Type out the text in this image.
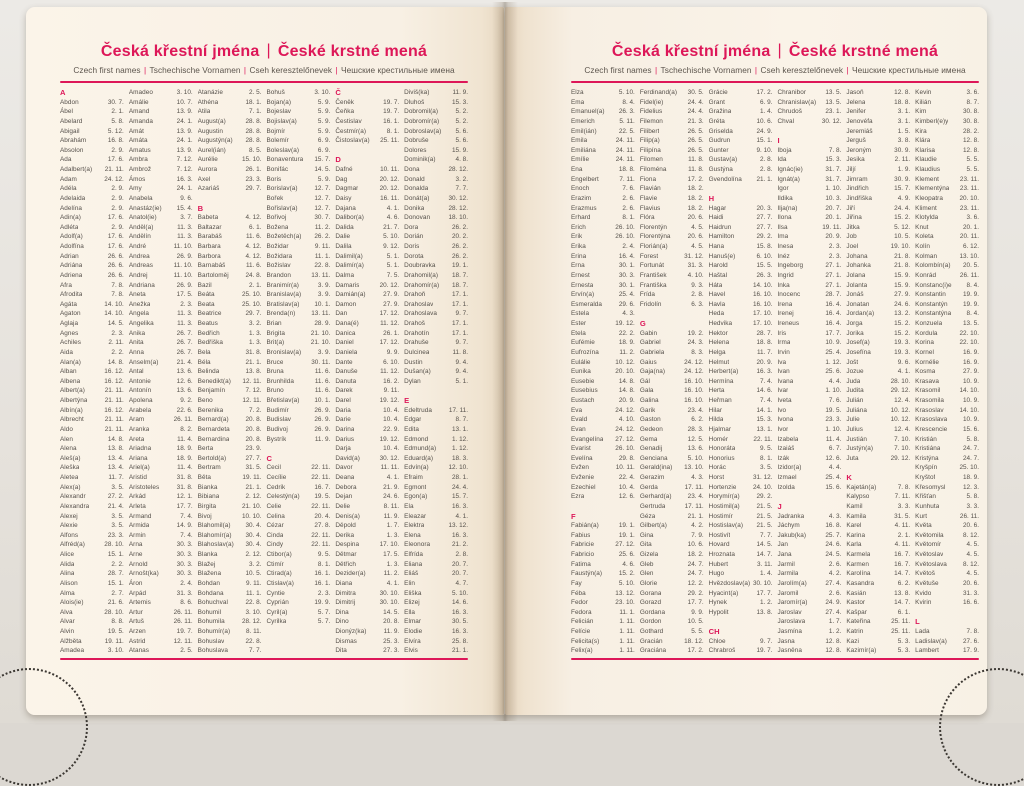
Česká křestní jména | České krstné mená
Czech first names | Tschechische Vornamen | Cseh keresztelőnevek | Чешские крестильные имена
A
Abdon	30. 7.
Ábel	2. 1.
Abelard	5. 8.
Abigail	5. 12.
Abrahám	16. 8.
Absolon	2. 9.
Ada	17. 6.
Adalbert(a)	21. 11.
Adam	24. 12.
Adéla	2. 9.
Adelaida	2. 9.
Adelína	2. 9.
Adin(a)	17. 6.
Adléta	2. 9.
Adolf(a)	17. 6.
Adolfína	17. 6.
Adrian	26. 6.
Adriána	26. 6.
Adriena	26. 6.
Afra	7. 8.
Afrodita	7. 8.
Agáta	14. 10.
Agaton	14. 10.
Aglaja	14. 5.
Agnes	2. 3.
Achiles	2. 11.
Aida	2. 2.
Alan(a)	14. 8.
Alban	16. 12.
Albena	16. 12.
Albert(a)	21. 11.
Albertýna	21. 11.
Albín(a)	16. 12.
Albrecht	21. 11.
Aldo	21. 11.
Alen	14. 8.
Alena	13. 8.
Aleš(a)	13. 4.
Aleška	13. 4.
Aletea	11. 7.
Alex(a)	3. 5.
Alexandr	27. 2.
Alexandra	21. 4.
Alexej	3. 5.
Alexie	3. 5.
Alfons	23. 3.
Alfréd(a)	28. 10.
Alice	15. 1.
Alida	2. 2.
Alina	28. 7.
Alison	15. 1.
Alma	2. 7.
Alois(ie)	21. 6.
Alva	28. 10.
Alvar	8. 8.
Alvin	19. 5.
Alžběta	19. 11.
Amadea	3. 10.
Amadeo	3. 10.
Amálie	10. 7.
Amand	13. 9.
Amanda	24. 1.
Amát	13. 9.
Amáta	24. 1.
Amatus	13. 9.
Ambra	7. 12.
Ambrož	7. 12.
Ámos	16. 3.
Amy	24. 1.
Anabela	9. 6.
Anastáz(ie)	15. 4.
Anatol(ie)	3. 7.
Anděl(a)	11. 3.
Andělín	11. 3.
André	11. 10.
Andrea	26. 9.
Andreas	11. 10.
Andrej	11. 10.
Andriana	26. 9.
Aneta	17. 5.
Anežka	2. 3.
Angela	11. 3.
Angelika	11. 3.
Anika	26. 7.
Anita	26. 7.
Anna	26. 7.
Anselm(a)	21. 4.
Antal	13. 6.
Antonie	12. 6.
Antonín	13. 6.
Apolena	9. 2.
Arabela	22. 6.
Aram	26. 11.
Aranka	8. 2.
Areta	11. 4.
Ariadna	18. 9.
Ariana	18. 9.
Ariel(a)	11. 4.
Aristid	31. 8.
Aristoteles	31. 8.
Arkád	12. 1.
Arleta	17. 7.
Armand	7. 4.
Armida	14. 9.
Armin	7. 4.
Arna	30. 3.
Arne	30. 3.
Arnold	30. 3.
Arnošt(ka)	30. 3.
Áron	2. 4.
Arpád	31. 3.
Artemis	8. 6.
Artur	26. 11.
Artuš	26. 11.
Arzen	19. 7.
Astrid	12. 11.
Atanas	2. 5.
Atanázie	2. 5.
Athéna	18. 1.
Atila	7. 1.
August(a)	28. 8.
Augustin	28. 8.
Augustýn(a)	28. 8.
Aurel(ián)	8. 5.
Aurélie	15. 10.
Aurora	26. 1.
Axel	23. 3.
Azariáš	29. 7.
B
Babeta	4. 12.
Baltazar	6. 1.
Barabáš	11. 6.
Barbara	4. 12.
Barbora	4. 12.
Barnabáš	11. 6.
Bartoloměj	24. 8.
Bazil	2. 1.
Beáta	25. 10.
Beata	25. 10.
Beatrice	29. 7.
Beatus	3. 2.
Bedřich	1. 3.
Bedřiška	1. 3.
Bela	31. 8.
Béla	21. 1.
Belinda	13. 8.
Benedikt(a)	12. 11.
Benjamín	7. 12.
Beno	12. 11.
Berenika	7. 2.
Bernard(a)	20. 8.
Bernardeta	20. 8.
Bernardina	20. 8.
Berta	23. 9.
Bertold(a)	27. 7.
Bertram	31. 5.
Běta	19. 11.
Bianka	21. 1.
Bibiana	2. 12.
Birgita	21. 10.
Bivoj	10. 10.
Blahomil(a)	30. 4.
Blahomír(a)	30. 4.
Blahoslav(a)	30. 4.
Blanka	2. 12.
Blažej	3. 2.
Blažena	10. 5.
Bohdan	9. 11.
Bohdana	11. 1.
Bohuchval	22. 8.
Bohumil	3. 10.
Bohumila	28. 12.
Bohumír(a)	8. 11.
Bohuslav	22. 8.
Bohuslava	7. 7.
Bohuš	3. 10.
Bojan(a)	5. 9.
Bojeslav	5. 9.
Bojislav(a)	5. 9.
Bojmír	5. 9.
Bolemír	6. 9.
Boleslav(a)	6. 9.
Bonaventura	15. 7.
Bonifác	14. 5.
Boris	5. 9.
Borislav(a)	12. 7.
Bořek	12. 7.
Bořislav(a)	12. 7.
Bořivoj	30. 7.
Božena	11. 2.
Božetěch(a)	26. 2.
Božidar	9. 11.
Božidara	11. 1.
Božislav	22. 8.
Brandon	13. 11.
Branimír(a)	3. 9.
Branislav(a)	3. 9.
Bratislav(a)	10. 1.
Brenda(n)	13. 11.
Brian	28. 9.
Brigita	21. 10.
Brit(a)	21. 10.
Bronislav(a)	3. 9.
Bruce	30. 11.
Bruna	11. 6.
Brunhilda	11. 6.
Bruno	11. 6.
Břetislav(a)	10. 1.
Budimír	26. 9.
Budislav	26. 9.
Budivoj	26. 9.
Bystrík	11. 9.
C
Cecil	22. 11.
Cecílie	22. 11.
Cedrik	16. 7.
Celestýn(a)	19. 5.
Celie	22. 11.
Celina	20. 4.
Cézar	27. 8.
Cinda	22. 11.
Cindy	22. 11.
Ctibor(a)	9. 5.
Ctimír	8. 1.
Ctirad(a)	16. 1.
Ctislav(a)	16. 1.
Cyntie	2. 3.
Cyprián	19. 9.
Cyril(a)	5. 7.
Cyrilka	5. 7.
Č
Čeněk	19. 7.
Čeňka	19. 7.
Čestislav	16. 1.
Čestmír(a)	8. 1.
Čistoslav(a)	25. 11.
D
Dafné	10. 11.
Dag	20. 12.
Dagmar	20. 12.
Daisy	16. 11.
Dajana	4. 1.
Dalibor(a)	4. 6.
Dalida	21. 7.
Dalie	5. 10.
Dalila	9. 12.
Dalimil(a)	5. 1.
Dalimír(a)	5. 1.
Dalma	7. 5.
Damaris	20. 12.
Damián(a)	27. 9.
Damon	27. 9.
Dan	17. 12.
Dana(é)	11. 12.
Danica	26. 1.
Daniel	17. 12.
Daniela	9. 9.
Dante	6. 10.
Danuše	11. 12.
Danuta	16. 2.
Darek	9. 11.
Darel	19. 12.
Daria	10. 4.
Darie	10. 4.
Darina	22. 9.
Darius	19. 12.
Darja	10. 4.
David(a)	30. 12.
Davor	11. 11.
Deana	4. 1.
Debora	21. 9.
Dejan	24. 6.
Delie	8. 11.
Denis(a)	11. 9.
Děpold	1. 7.
Derika	1. 3.
Despina	17. 10.
Dětmar	17. 5.
Dětřich	1. 3.
Dezider(a)	11. 2.
Diana	4. 1.
Dimitra	30. 10.
Dimitrij	30. 10.
Dina	14. 5.
Dino	20. 8.
Dionýz(ka)	11. 9.
Dismas	25. 3.
Dita	27. 3.
Diviš(ka)	11. 9.
Dluhoš	15. 3.
Dobromil(a)	5. 2.
Dobromír(a)	5. 2.
Dobroslav(a)	5. 6.
Dobruše	5. 6.
Dolores	15. 9.
Dominik(a)	4. 8.
Dona	28. 12.
Donald	3. 2.
Donalda	7. 7.
Donát(a)	30. 12.
Donika	28. 12.
Donovan	18. 10.
Dora	26. 2.
Dorián	20. 2.
Doris	26. 2.
Dorota	26. 2.
Doubravka	19. 1.
Drahomil(a)	18. 7.
Drahomír(a)	18. 7.
Drahoň	17. 1.
Drahoslav	17. 1.
Drahoslava	9. 7.
Drahoš	17. 1.
Drahotín	17. 1.
Drahuše	9. 7.
Dulcinea	11. 8.
Dustin	9. 4.
Dušan(a)	9. 4.
Dylan	5. 1.
E
Edeltruda	17. 11.
Edgar	8. 7.
Edita	13. 1.
Edmond	1. 12.
Edmund(a)	1. 12.
Eduard(a)	18. 3.
Edvín(a)	12. 10.
Efraim	28. 1.
Egmont	24. 4.
Egon(a)	15. 7.
Ela	16. 3.
Eleazar	4. 1.
Elektra	13. 12.
Elena	16. 3.
Eleonora	21. 2.
Elfrída	2. 8.
Eliana	20. 7.
Eliáš	20. 7.
Elin	4. 7.
Eliška	5. 10.
Elizej	14. 6.
Ella	16. 3.
Elmar	30. 5.
Elodie	16. 3.
Elvíra	25. 8.
Elvis	21. 1.
Česká křestní jména | České krstné mená
Czech first names | Tschechische Vornamen | Cseh keresztelőnevek | Чешские крестильные имена
Elza	5. 10.
Ema	8. 4.
Emanuel(a)	26. 3.
Emerich	5. 11.
Emil(ián)	22. 5.
Emila	24. 11.
Emiliána	24. 11.
Emílie	24. 11.
Ena	18. 8.
Engelbert	7. 11.
Enoch	7. 6.
Erazim	2. 6.
Erazmus	2. 6.
Erhard	8. 1.
Erich	26. 10.
Erik	26. 10.
Erika	2. 4.
Erina	16. 4.
Erna	30. 1.
Ernest	30. 3.
Ernesta	30. 1.
Ervín(a)	25. 4.
Esmeralda	29. 6.
Estela	4. 3.
Ester	19. 12.
Etela	22. 2.
Eufémie	18. 9.
Eufrozína	11. 2.
Eulálie	10. 12.
Eunika	20. 10.
Eusebie	14. 8.
Eusebius	14. 8.
Eustach	20. 9.
Eva	24. 12.
Evald	4. 10.
Evan	24. 12.
Evangelína	27. 12.
Evarist	26. 10.
Evelína	29. 8.
Evžen	10. 11.
Evženie	22. 4.
Ezechiel	10. 4.
Ezra	12. 6.
F
Fabián(a)	19. 1.
Fabius	19. 1.
Fabricie	27. 12.
Fabricio	25. 6.
Fatima	4. 6.
Faustýn(a)	15. 2.
Fay	5. 10.
Féba	13. 12.
Fedor	23. 10.
Fedora	11. 1.
Felicián	1. 11.
Felície	1. 11.
Felicita(s)	1. 11.
Felix(a)	1. 11.
Ferdinand(a)	30. 5.
Fidel(ie)	24. 4.
Fidelius	24. 4.
Filemon	21. 3.
Filibert	26. 5.
Filip(a)	26. 5.
Filipína	26. 5.
Filomen	11. 8.
Filoména	11. 8.
Fiona	17. 2.
Flavián	18. 2.
Flavie	18. 2.
Flavius	18. 2.
Flóra	20. 6.
Florentýn	4. 5.
Florentýna	20. 6.
Florián(a)	4. 5.
Forest	31. 12.
Fortunát	31. 3.
František	4. 10.
Františka	9. 3.
Frída	2. 8.
Fridolín	6. 3.
G
Gabin	19. 2.
Gabriel	24. 3.
Gabriela	8. 3.
Gaius	24. 12.
Gaja(na)	24. 12.
Gál	16. 10.
Gala	16. 10.
Galina	16. 10.
Garik	23. 4.
Gaston	6. 2.
Gedeon	28. 3.
Gema	12. 5.
Genadij	13. 6.
Genciana	5. 10.
Gerald(ina)	13. 10.
Gerazim	4. 3.
Gerda	17. 11.
Gerhard(a)	23. 4.
Gertruda	17. 11.
Géza	21. 1.
Gilbert(a)	4. 2.
Gina	7. 9.
Gita	10. 6.
Gizela	18. 2.
Gleb	24. 7.
Glen	24. 7.
Glorie	12. 2.
Gorana	29. 2.
Gorazd	17. 7.
Gordana	9. 9.
Gordon	10. 5.
Gothard	5. 5.
Gracián	18. 12.
Graciána	17. 2.
Grácie	17. 2.
Grant	6. 9.
Gražina	1. 4.
Gréta	10. 6.
Griselda	24. 9.
Gudrun	15. 1.
Gunter	9. 10.
Gustav(a)	2. 8.
Gustýna	2. 8.
Gvendolína	21. 1.
H
Hagar	20. 3.
Haidi	27. 7.
Haidrun	27. 7.
Hamilton	29. 2.
Hana	15. 8.
Hanuš(e)	6. 10.
Harold	15. 5.
Haštal	26. 3.
Háta	14. 10.
Havel	16. 10.
Havla	16. 10.
Heda	17. 10.
Hedvika	17. 10.
Hektor	28. 7.
Helena	18. 8.
Helga	11. 7.
Helmut	20. 9.
Herbert(a)	16. 3.
Hermína	7. 4.
Herta	14. 6.
Heřman	7. 4.
Hilar	14. 1.
Hilda	15. 3.
Hjalmar	13. 1.
Homér	22. 11.
Honoráta	9. 5.
Honorius	8. 1.
Horác	3. 5.
Horst	31. 12.
Hortenzie	24. 10.
Horymír(a)	29. 2.
Hostimil(a)	21. 5.
Hostimír	21. 5.
Hostislav(a)	21. 5.
Hostivít	7. 7.
Hovard	14. 5.
Hroznata	14. 7.
Hubert	3. 11.
Hugo	1. 4.
Hvězdoslav(a) 30. 10.
Hyacint(a)	17. 7.
Hynek	1. 2.
Hypolit	13. 8.
CH
Chloe	9. 7.
Chrabroš	19. 7.
Chranibor	13. 5.
Chranislav(a)	13. 5.
Chrudoš	23. 1.
Chval	30. 12.
I
Iboja	7. 8.
Ida	15. 3.
Ignác(ie)	31. 7.
Ignát(a)	31. 7.
Igor	1. 10.
Ildika	10. 3.
Ilja(na)	20. 7.
Ilona	20. 1.
Ilsa	19. 11.
Ima	20. 9.
Inesa	2. 3.
Inéz	2. 3.
Ingeborg	27. 1.
Ingrid	27. 1.
Inka	27. 1.
Inocenc	28. 7.
Irena	16. 4.
Irenej	16. 4.
Ireneus	16. 4.
Iris	17. 7.
Irma	10. 9.
Irvin	25. 4.
Iva	1. 12.
Ivan	25. 6.
Ivana	4. 4.
Ivar	1. 10.
Iveta	7. 6.
Ivo	19. 5.
Ivona	23. 3.
Ivor	1. 10.
Izabela	11. 4.
Izaiáš	6. 7.
Izák	12. 6.
Izidor(a)	4. 4.
Izmael	25. 4.
Izolda	15. 6.
J
Jadranka	4. 3.
Jáchym	16. 8.
Jakub(ka)	25. 7.
Jan	24. 6.
Jana	24. 5.
Jarmil	2. 6.
Jarmila	4. 2.
Jarolím(a)	27. 4.
Jaromil	2. 6.
Jaromír(a)	24. 9.
Jaroslav	27. 4.
Jaroslava	1. 7.
Jasmína	1. 2.
Jasna	12. 8.
Jasněna	12. 8.
Jasoň	12. 8.
Jelena	18. 8.
Jenifer	3. 1.
Jenovéfa	3. 1.
Jeremiáš	1. 5.
Jerguš	3. 8.
Jeroným	30. 9.
Jesika	2. 11.
Jiljí	1. 9.
Jimram	30. 9.
Jindřich	15. 7.
Jindřiška	4. 9.
Jiří	24. 4.
Jiřina	15. 2.
Jitka	5. 12.
Job	10. 5.
Joel	19. 10.
Johana	21. 8.
Johanka	21. 8.
Jolana	15. 9.
Jolanta	15. 9.
Jonáš	27. 9.
Jonatan	24. 6.
Jordan(a)	13. 2.
Jorga	15. 2.
Jorika	15. 2.
Josef(a)	19. 3.
Josefína	19. 3.
Jošt	9. 6.
Jozue	4. 1.
Juda	28. 10.
Judita	29. 12.
Julián	12. 4.
Juliána	10. 12.
Julie	10. 12.
Julius	12. 4.
Justián	7. 10.
Justýn(a)	7. 10.
Juta	29. 12.
K
Kajetán(a)	7. 8.
Kalypso	7. 11.
Kamil	3. 3.
Kamila	31. 5.
Karel	4. 11.
Karina	2. 1.
Karla	4. 11.
Karmela	16. 7.
Karmen	16. 7.
Karolína	14. 7.
Kasandra	6. 2.
Kasián	13. 8.
Kastor	14. 7.
Kašpar	6. 1.
Kateřina	25. 11.
Katrin	25. 11.
Kazi	5. 3.
Kazimír(a)	5. 3.
Kevin	3. 6.
Kilián	8. 7.
Kim	30. 8.
Kimberl(e)y	30. 8.
Kira	28. 2.
Klára	12. 8.
Klarisa	12. 8.
Klaudie	5. 5.
Klaudius	5. 5.
Klement	23. 11.
Klementýna	23. 11.
Kleopatra	20. 10.
Kliment	23. 11.
Klotylda	3. 6.
Knut	20. 1.
Koleta	20. 11.
Kolín	6. 12.
Kolman	13. 10.
Kolombín(a)	20. 5.
Konrád	26. 11.
Konstanc(i)e	8. 4.
Konstantin	19. 9.
Konstantýn	19. 9.
Konstantýna	8. 4.
Konzuela	13. 5.
Kordula	22. 10.
Korina	22. 10.
Kornel	16. 9.
Kornélie	16. 9.
Kosma	27. 9.
Krasava	10. 9.
Krasomil	14. 10.
Krasomila	10. 9.
Krasoslav	14. 10.
Krasoslava	10. 9.
Krescencie	15. 6.
Kristián	5. 8.
Kristiána	24. 7.
Kristýna	24. 7.
Kryšpín	25. 10.
Kryštof	18. 9.
Křesomysl	12. 3.
Křišťan	5. 8.
Kunhuta	3. 3.
Kurt	26. 11.
Květa	20. 6.
Květomila	8. 12.
Květomír	4. 5.
Květoslav	4. 5.
Květoslava	8. 12.
Květoš	4. 5.
Květuše	20. 6.
Kvido	31. 3.
Kvirin	16. 6.
L
Lada	7. 8.
Ladislav(a)	27. 6.
Lambert	17. 9.
